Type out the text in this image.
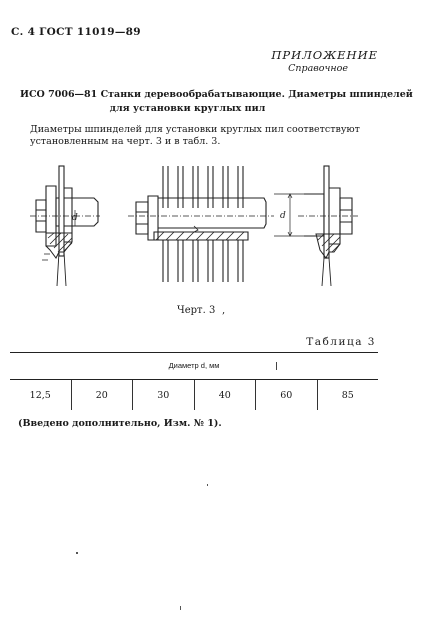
С. 4 ГОСТ 11019—89
ПРИЛОЖЕНИЕ
Справочное
ИСО 7006—81 Станки деревообрабатывающие. Диаметры шпинделей
для установки круглых пил
Диаметры шпинделей для установки круглых пил соответствуют установленным на черт. 3 и в табл. 3.
d	d
Черт. 3 ,
Таблица 3
Диаметр d, мм
12,5	20	30	40	60	85
(Введено дополнительно, Изм. № 1).
